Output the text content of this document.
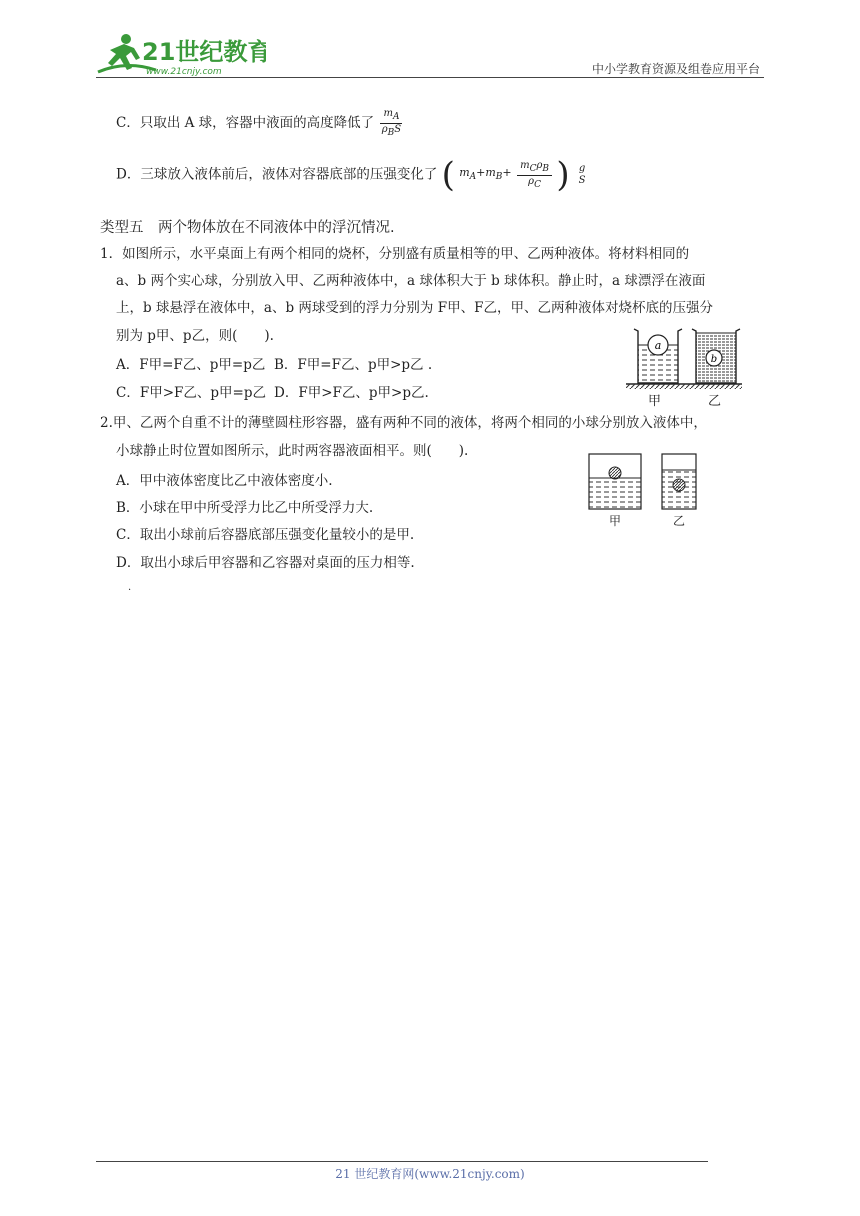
21世纪教育
www.21cnjy.com	中小学教育资源及组卷应用平台
C．只取出 A 球，容器中液面的高度降低了 $\frac{mA}{\text{ρBS}}$
D．三球放入液体前后，液体对容器底部的压强变化了 ( $m_A+m_B+ \frac{\text{mCρB}}{\rho C}$ ) g
S
类型五　两个物体放在不同液体中的浮沉情况.
1．如图所示，水平桌面上有两个相同的烧杯，分别盛有质量相等的甲、乙两种液体。将材料相同的
a、b 两个实心球，分别放入甲、乙两种液体中，a 球体积大于 b 球体积。静止时，a 球漂浮在液面
上，b 球悬浮在液体中，a、b 两球受到的浮力分别为 F甲、F乙，甲、乙两种液体对烧杯底的压强分
别为 p甲、p乙，则(　　).
A．F甲=F乙、p甲=p乙 B．F甲=F乙、p甲>p乙 .
C．F甲>F乙、p甲=p乙 D．F甲>F乙、p甲>p乙.
a
b
甲	乙
2.甲、乙两个自重不计的薄壁圆柱形容器，盛有两种不同的液体，将两个相同的小球分别放入液体中，
小球静止时位置如图所示，此时两容器液面相平。则(　　).
A．甲中液体密度比乙中液体密度小.
B．小球在甲中所受浮力比乙中所受浮力大.
C．取出小球前后容器底部压强变化量较小的是甲.
D．取出小球后甲容器和乙容器对桌面的压力相等.
甲	乙
.
21 世纪教育网(www.21cnjy.com)
